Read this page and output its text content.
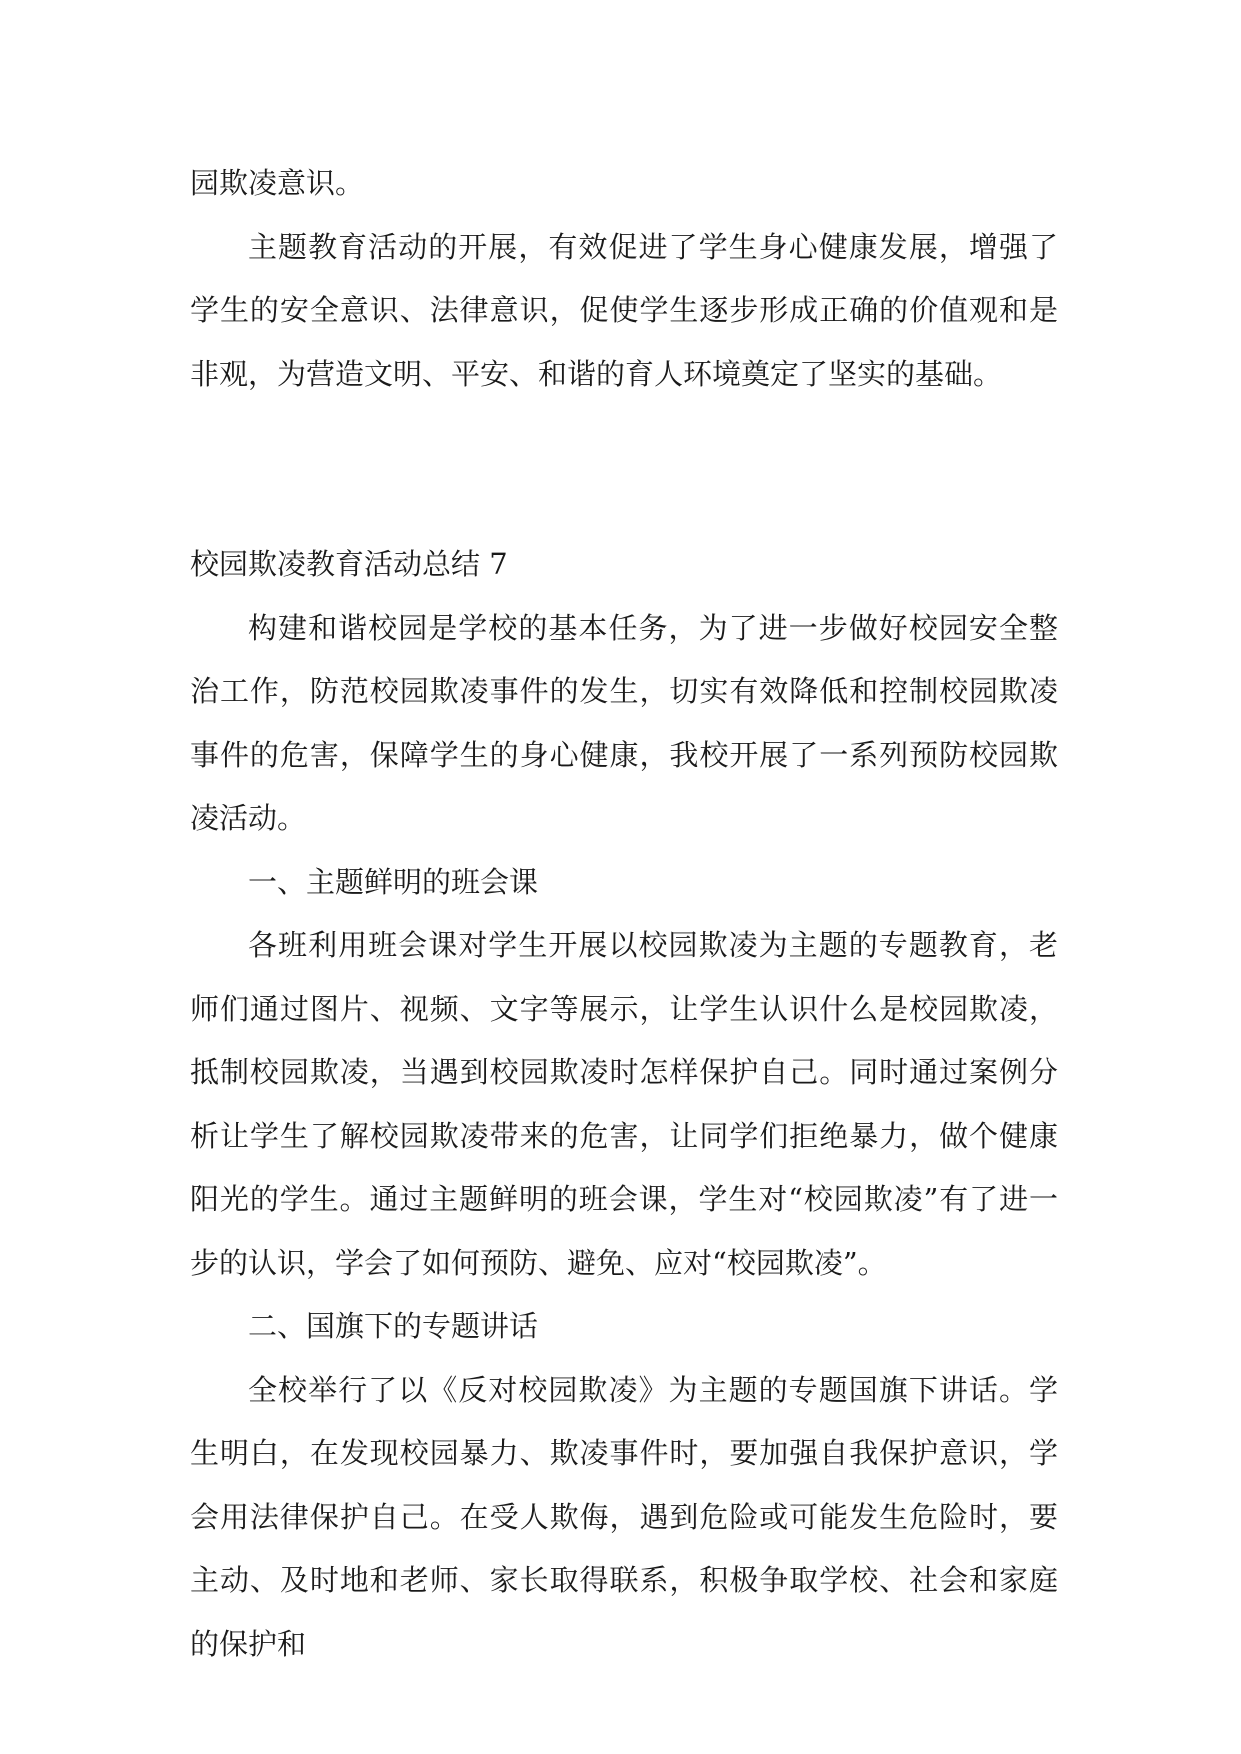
园欺凌意识。

主题教育活动的开展，有效促进了学生身心健康发展，增强了学生的安全意识、法律意识，促使学生逐步形成正确的价值观和是非观，为营造文明、平安、和谐的育人环境奠定了坚实的基础。

校园欺凌教育活动总结 7

构建和谐校园是学校的基本任务，为了进一步做好校园安全整治工作，防范校园欺凌事件的发生，切实有效降低和控制校园欺凌事件的危害，保障学生的身心健康，我校开展了一系列预防校园欺凌活动。

一、主题鲜明的班会课

各班利用班会课对学生开展以校园欺凌为主题的专题教育，老师们通过图片、视频、文字等展示，让学生认识什么是校园欺凌，抵制校园欺凌，当遇到校园欺凌时怎样保护自己。同时通过案例分析让学生了解校园欺凌带来的危害，让同学们拒绝暴力，做个健康阳光的学生。通过主题鲜明的班会课，学生对“校园欺凌”有了进一步的认识，学会了如何预防、避免、应对“校园欺凌”。

二、国旗下的专题讲话

全校举行了以《反对校园欺凌》为主题的专题国旗下讲话。学生明白，在发现校园暴力、欺凌事件时，要加强自我保护意识，学会用法律保护自己。在受人欺侮，遇到危险或可能发生危险时，要主动、及时地和老师、家长取得联系，积极争取学校、社会和家庭的保护和
